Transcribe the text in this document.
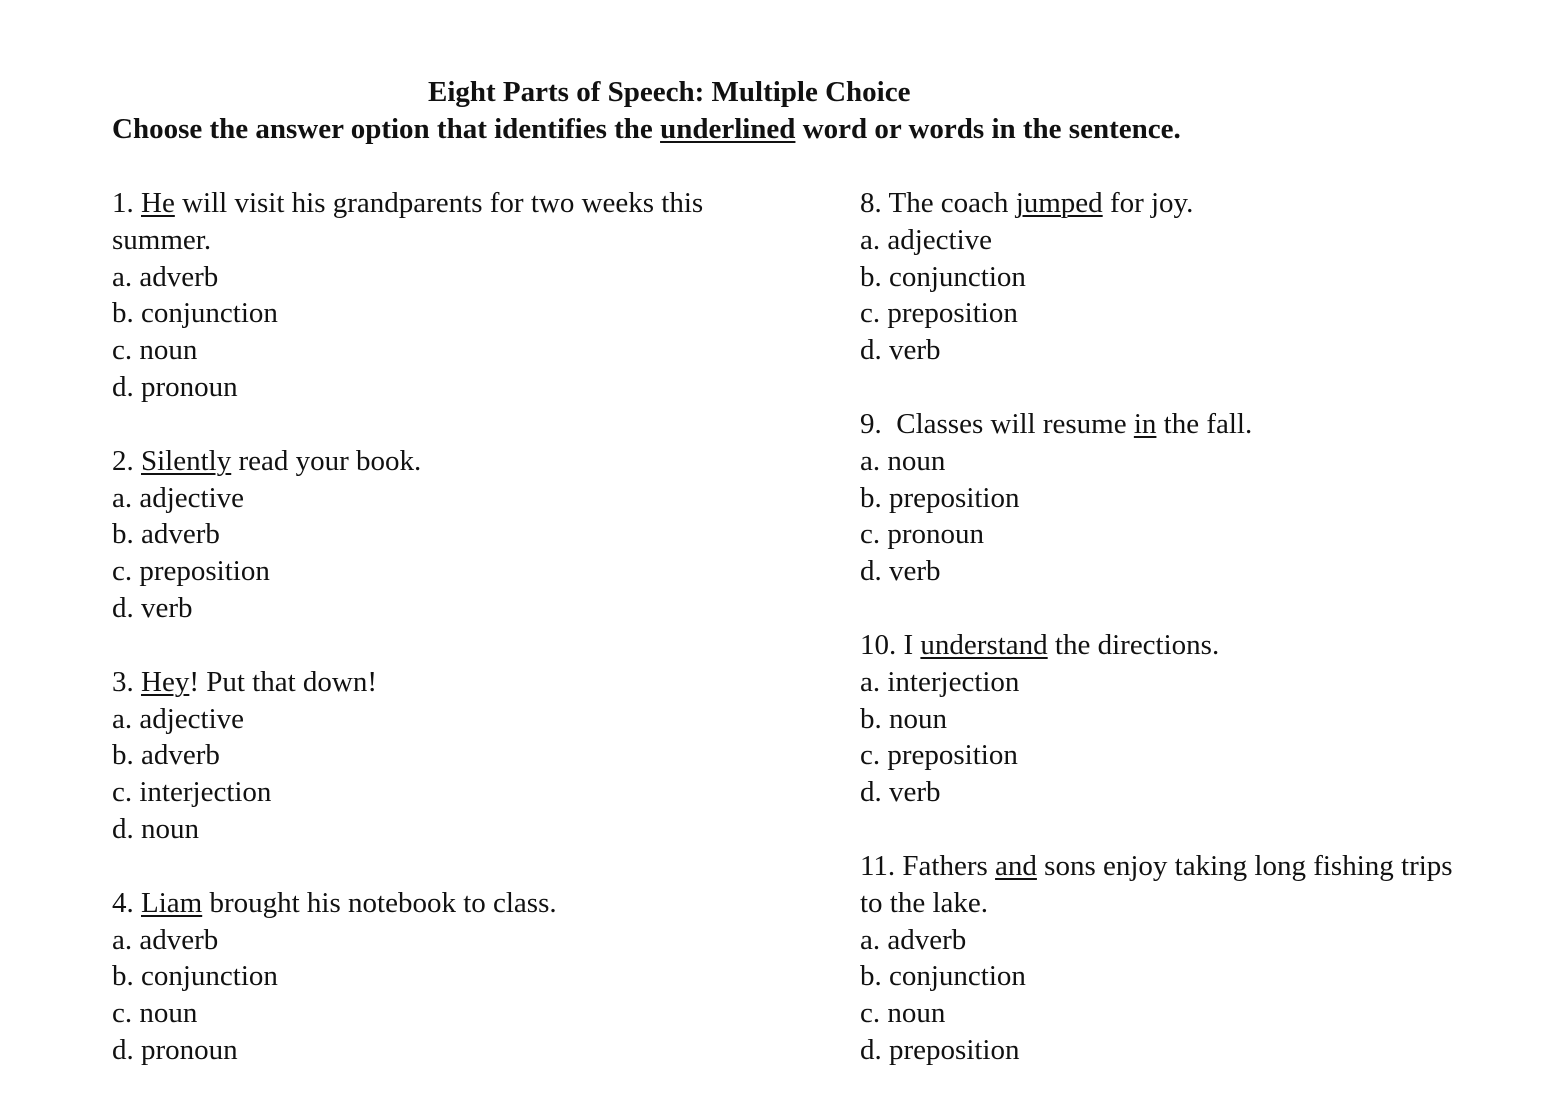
Eight Parts of Speech: Multiple Choice
Choose the answer option that identifies the underlined word or words in the sentence.
1. He will visit his grandparents for two weeks this
summer.
a. adverb
b. conjunction
c. noun
d. pronoun
2. Silently read your book.
a. adjective
b. adverb
c. preposition
d. verb
3. Hey! Put that down!
a. adjective
b. adverb
c. interjection
d. noun
4. Liam brought his notebook to class.
a. adverb
b. conjunction
c. noun
d. pronoun
8. The coach jumped for joy.
a. adjective
b. conjunction
c. preposition
d. verb
9.  Classes will resume in the fall.
a. noun
b. preposition
c. pronoun
d. verb
10. I understand the directions.
a. interjection
b. noun
c. preposition
d. verb
11. Fathers and sons enjoy taking long fishing trips
to the lake.
a. adverb
b. conjunction
c. noun
d. preposition
